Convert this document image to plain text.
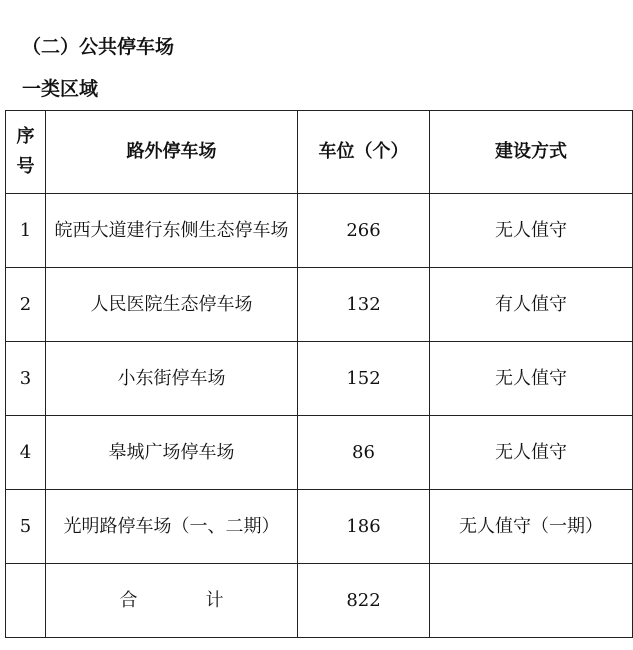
（二）公共停车场
一类区域
序号	路外停车场	车位（个）	建设方式
1	皖西大道建行东侧生态停车场	266	无人值守
2	人民医院生态停车场	132	有人值守
3	小东街停车场	152	无人值守
4	皋城广场停车场	86	无人值守
5	光明路停车场（一、二期）	186	无人值守（一期）
	合 计	822	
